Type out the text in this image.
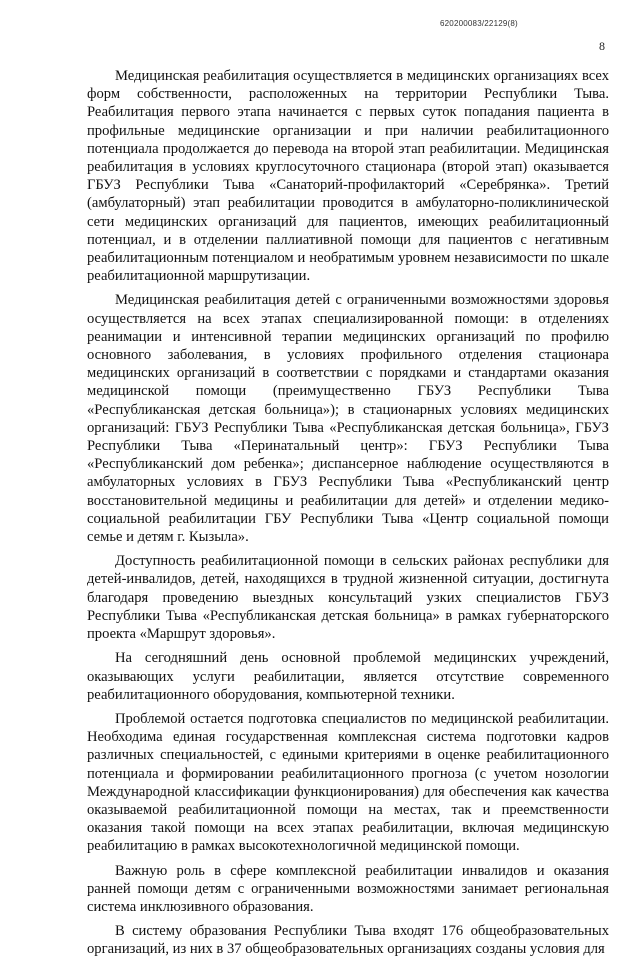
620200083/22129(8)
8

Медицинская реабилитация осуществляется в медицинских организациях всех форм собственности, расположенных на территории Республики Тыва. Реабилитация первого этапа начинается с первых суток попадания пациента в профильные медицинские организации и при наличии реабилитационного потенциала продолжается до перевода на второй этап реабилитации. Медицинская реабилитация в условиях круглосуточного стационара (второй этап) оказывается ГБУЗ Республики Тыва «Санаторий-профилакторий «Серебрянка». Третий (амбулаторный) этап реабилитации проводится в амбулаторно-поликлинической сети медицинских организаций для пациентов, имеющих реабилитационный потенциал, и в отделении паллиативной помощи для пациентов с негативным реабилитационным потенциалом и необратимым уровнем независимости по шкале реабилитационной маршрутизации.

Медицинская реабилитация детей с ограниченными возможностями здоровья осуществляется на всех этапах специализированной помощи: в отделениях реанимации и интенсивной терапии медицинских организаций по профилю основного заболевания, в условиях профильного отделения стационара медицинских организаций в соответствии с порядками и стандартами оказания медицинской помощи (преимущественно ГБУЗ Республики Тыва «Республиканская детская больница»); в стационарных условиях медицинских организаций: ГБУЗ Республики Тыва «Республиканская детская больница», ГБУЗ Республики Тыва «Перинатальный центр»: ГБУЗ Республики Тыва «Республиканский дом ребенка»; диспансерное наблюдение осуществляются в амбулаторных условиях в ГБУЗ Республики Тыва «Республиканский центр восстановительной медицины и реабилитации для детей» и отделении медико-социальной реабилитации ГБУ Республики Тыва «Центр социальной помощи семье и детям г. Кызыла».

Доступность реабилитационной помощи в сельских районах республики для детей-инвалидов, детей, находящихся в трудной жизненной ситуации, достигнута благодаря проведению выездных консультаций узких специалистов ГБУЗ Республики Тыва «Республиканская детская больница» в рамках губернаторского проекта «Маршрут здоровья».

На сегодняшний день основной проблемой медицинских учреждений, оказывающих услуги реабилитации, является отсутствие современного реабилитационного оборудования, компьютерной техники.

Проблемой остается подготовка специалистов по медицинской реабилитации. Необходима единая государственная комплексная система подготовки кадров различных специальностей, с едиными критериями в оценке реабилитационного потенциала и формировании реабилитационного прогноза (с учетом нозологии Международной классификации функционирования) для обеспечения как качества оказываемой реабилитационной помощи на местах, так и преемственности оказания такой помощи на всех этапах реабилитации, включая медицинскую реабилитацию в рамках высокотехнологичной медицинской помощи.

Важную роль в сфере комплексной реабилитации инвалидов и оказания ранней помощи детям с ограниченными возможностями занимает региональная система инклюзивного образования.

В систему образования Республики Тыва входят 176 общеобразовательных организаций, из них в 37 общеобразовательных организациях созданы условия для
